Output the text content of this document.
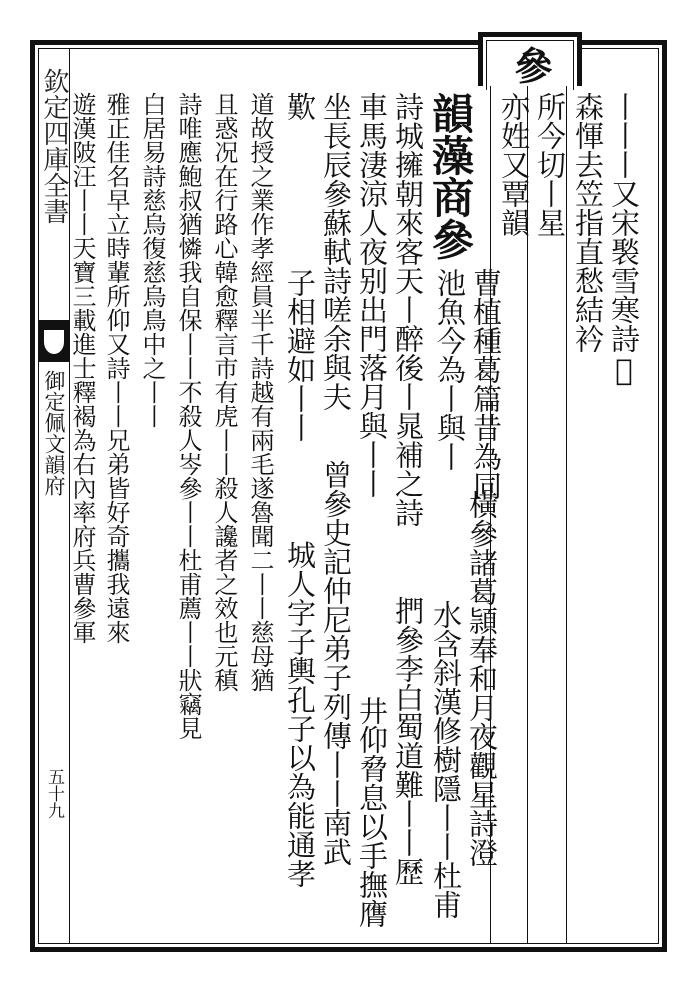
參
欽定四庫全書
御定佩文韻府
五十九
丨丨丨又宋褧雪寒詩𩬊
森惲去笠指直愁結衿
所今切丨星
亦姓又覃韻
韻藻商參
曹植種葛篇昔為同
池魚今為丨與丨
橫參諸葛頴奉和月夜觀星詩澄
水含斜漢修樹隱丨丨杜甫
詩城擁朝來客天丨醉後丨晁補之詩
捫參李白蜀道難丨丨歷
車馬淒涼人夜别出門落月與丨丨
井仰脅息以手撫膺
坐長辰參蘇軾詩嗟余與夫
子相避如丨丨
曾參史記仲尼弟子列傳丨丨南武
歎
城人字子輿孔子以為能通孝
道故授之業作孝經員半千詩越有兩毛遂魯聞二丨丨慈母猶
且惑况在行路心韓愈釋言市有虎丨丨殺人讒者之效也元稹
詩唯應鮑叔猶憐我自保丨丨不殺人岑參丨丨杜甫薦丨丨狀竊見
白居易詩慈烏復慈烏鳥中之丨丨
雅正佳名早立時輩所仰又詩丨丨兄弟皆好奇攜我遠來
遊漢陂汪丨丨天寶三載進士釋褐為右內率府兵曹參軍
